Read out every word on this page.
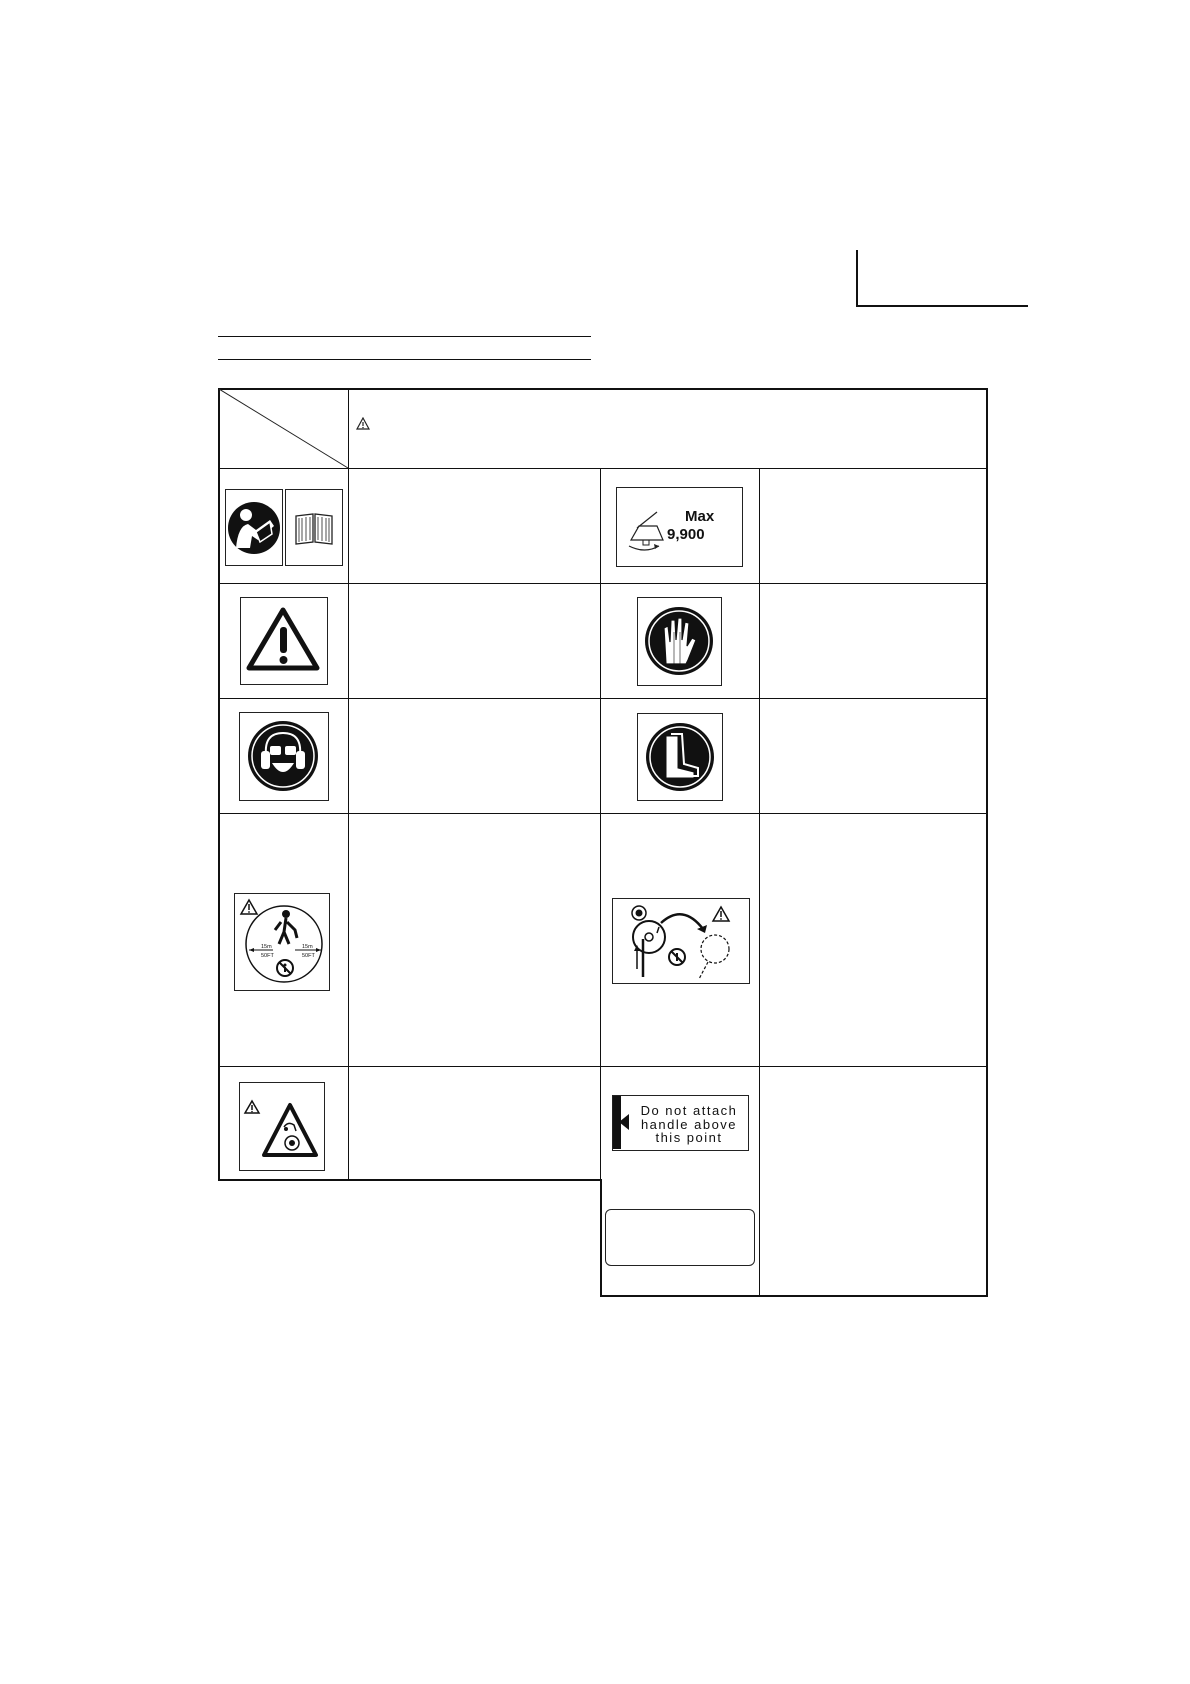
Max
9,900
15m
50FT
15m
50FT
Do not attach
handle above
this point
